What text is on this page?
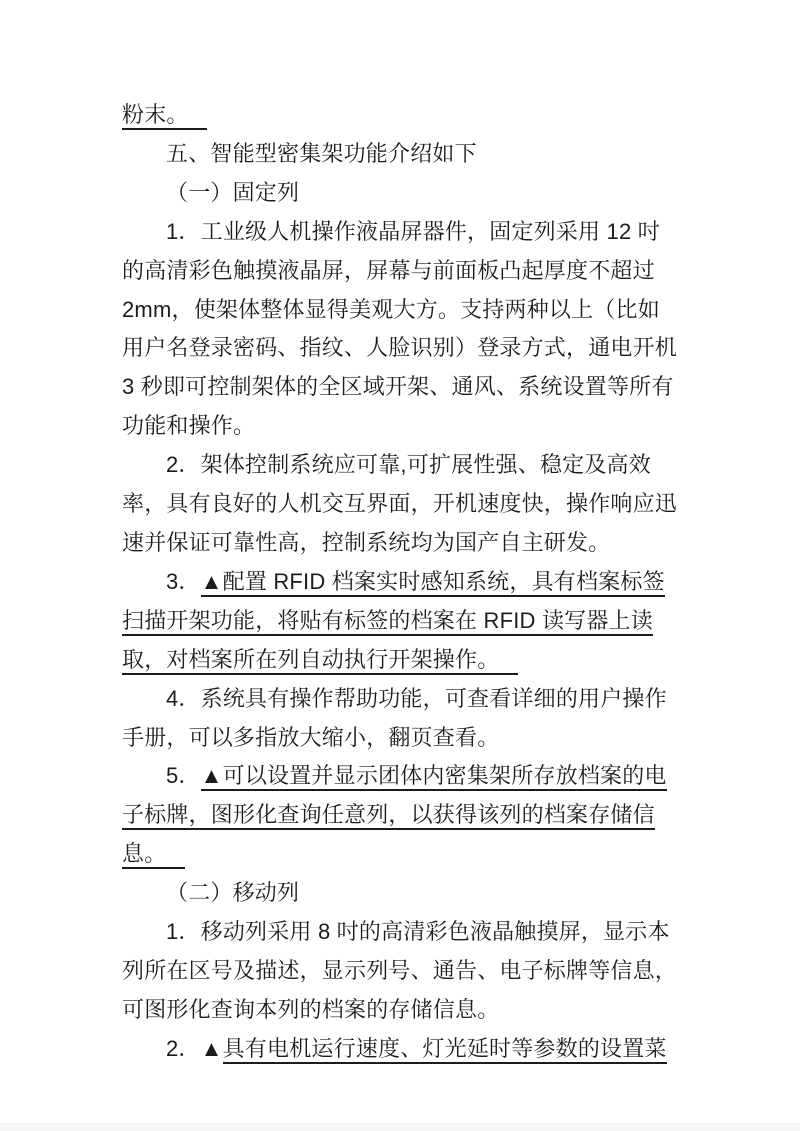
粉末。

五、智能型密集架功能介绍如下

（一）固定列

1．工业级人机操作液晶屏器件，固定列采用 12 吋的高清彩色触摸液晶屏，屏幕与前面板凸起厚度不超过 2mm，使架体整体显得美观大方。支持两种以上（比如用户名登录密码、指纹、人脸识别）登录方式，通电开机 3 秒即可控制架体的全区域开架、通风、系统设置等所有功能和操作。

2．架体控制系统应可靠,可扩展性强、稳定及高效率，具有良好的人机交互界面，开机速度快，操作响应迅速并保证可靠性高，控制系统均为国产自主研发。

3．▲配置 RFID 档案实时感知系统，具有档案标签扫描开架功能，将贴有标签的档案在 RFID 读写器上读取，对档案所在列自动执行开架操作。

4．系统具有操作帮助功能，可查看详细的用户操作手册，可以多指放大缩小，翻页查看。

5．▲可以设置并显示团体内密集架所存放档案的电子标牌，图形化查询任意列，以获得该列的档案存储信息。

（二）移动列

1．移动列采用 8 吋的高清彩色液晶触摸屏，显示本列所在区号及描述，显示列号、通告、电子标牌等信息，可图形化查询本列的档案的存储信息。

2．▲具有电机运行速度、灯光延时等参数的设置菜
